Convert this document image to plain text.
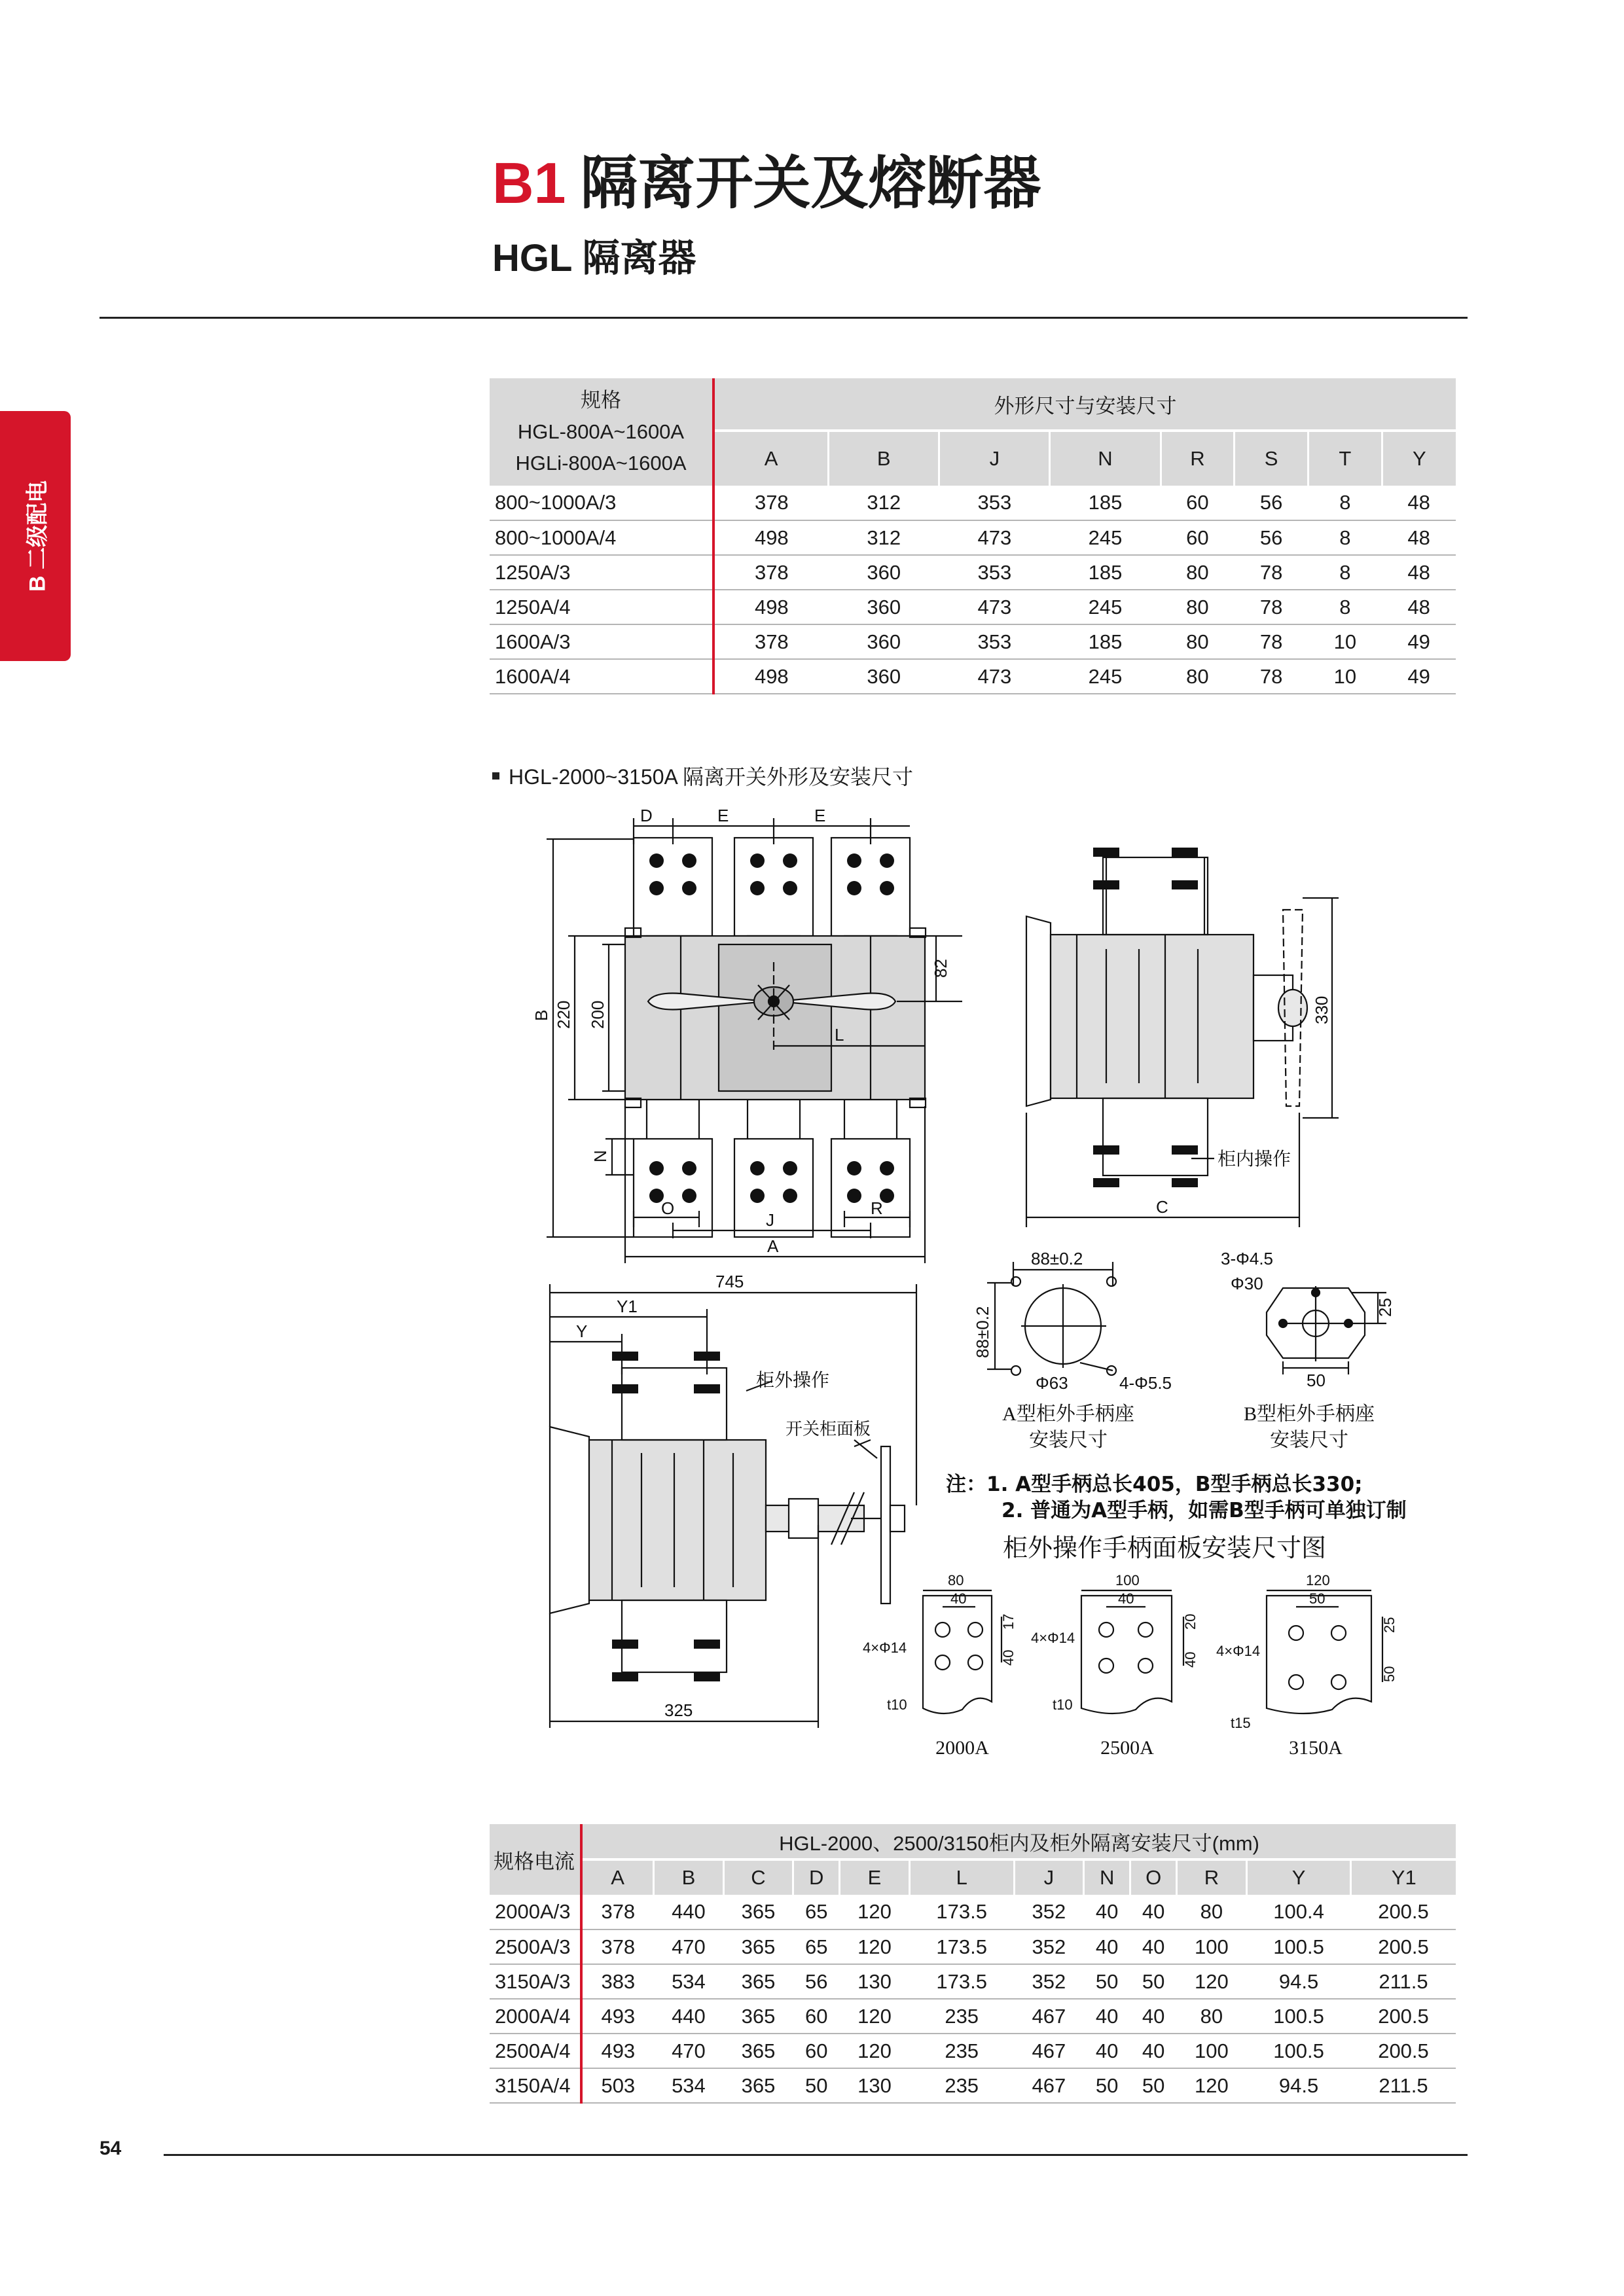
B1 隔离开关及熔断器
HGL 隔离器
B 二级配电
规格
HGL-800A~1600A
HGLi-800A~1600A	外形尺寸与安装尺寸							
	A	B	J	N	R	S	T	Y
800~1000A/3	378	312	353	185	60	56	8	48
800~1000A/4	498	312	473	245	60	56	8	48
1250A/3	378	360	353	185	80	78	8	48
1250A/4	498	360	473	245	80	78	8	48
1600A/3	378	360	353	185	80	78	10	49
1600A/4	498	360	473	245	80	78	10	49
HGL-2000~3150A 隔离开关外形及安装尺寸
D	E	E
B 220 200
82
L
N
O
J
R
A
330
C
柜内操作
745
Y1
Y
柜外操作
开关柜面板
325
88±0.2
88±0.2
Φ63	4-Φ5.5
A型柜外手柄座
安装尺寸
3-Φ4.5
Φ30
50
25
B型柜外手柄座
安装尺寸
注：1. A型手柄总长405，B型手柄总长330;
2. 普通为A型手柄，如需B型手柄可单独订制
柜外操作手柄面板安装尺寸图
80
40
40
17
4×Φ14
t10
2000A
100
40
40
20
4×Φ14
t10
2500A
120
50
50
25
4×Φ14
t15
3150A
规格电流	HGL-2000、2500/3150柜内及柜外隔离安装尺寸(mm)											
	A	B	C	D	E	L	J	N	O	R	Y	Y1
2000A/3	378	440	365	65	120	173.5	352	40	40	80	100.4	200.5
2500A/3	378	470	365	65	120	173.5	352	40	40	100	100.5	200.5
3150A/3	383	534	365	56	130	173.5	352	50	50	120	94.5	211.5
2000A/4	493	440	365	60	120	235	467	40	40	80	100.5	200.5
2500A/4	493	470	365	60	120	235	467	40	40	100	100.5	200.5
3150A/4	503	534	365	50	130	235	467	50	50	120	94.5	211.5
54
